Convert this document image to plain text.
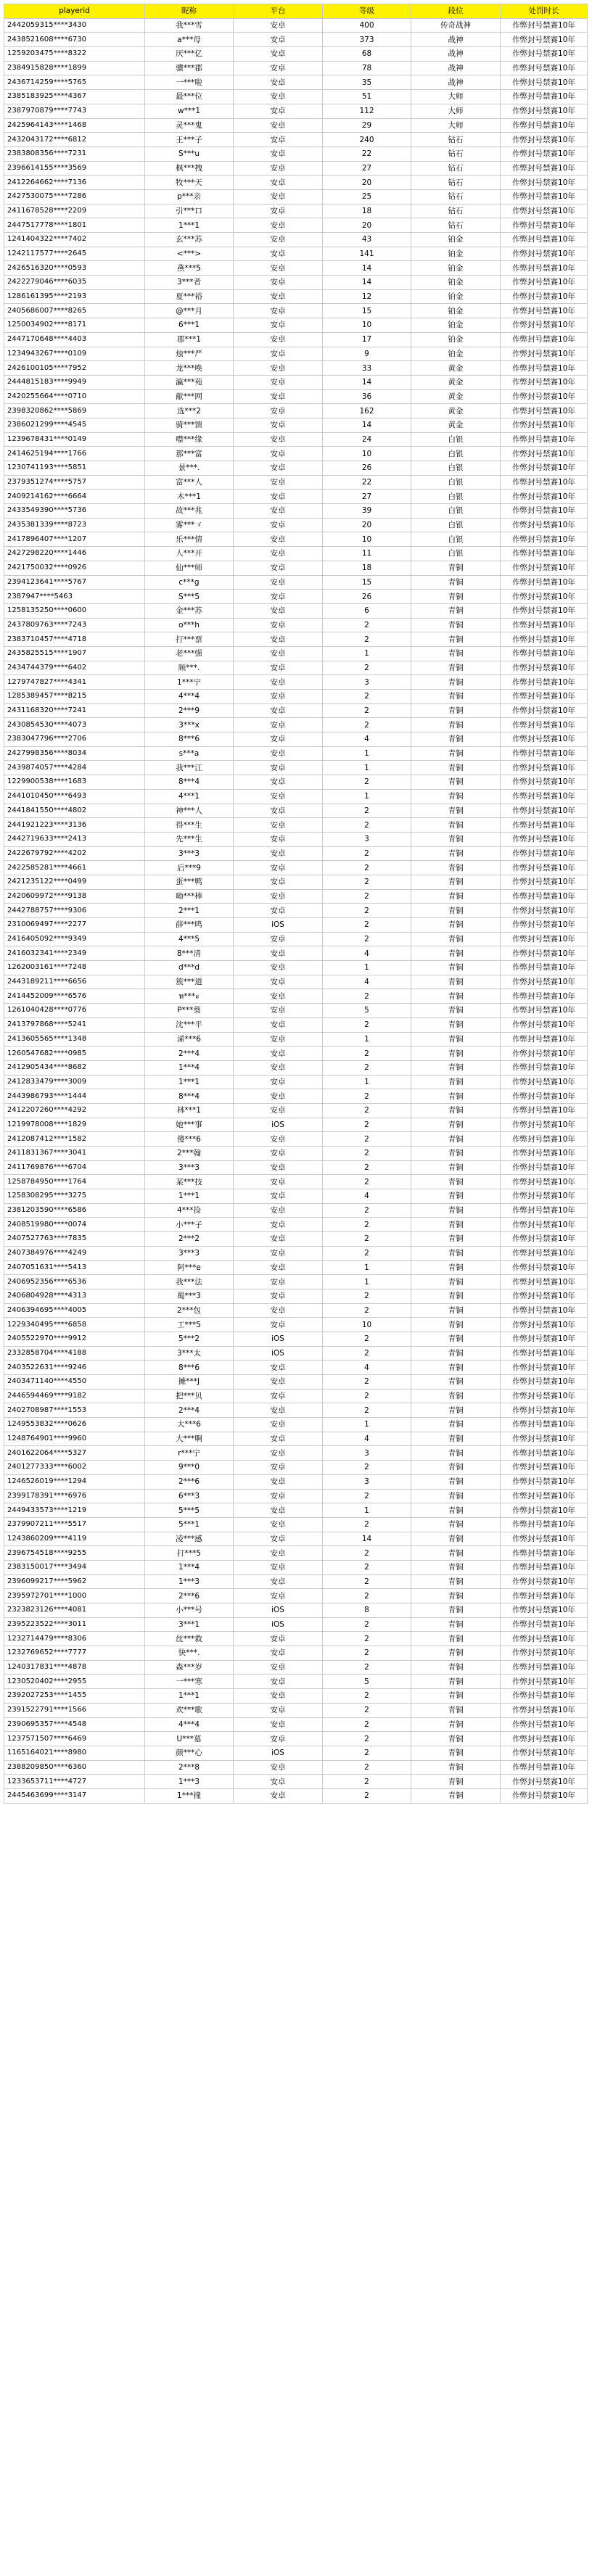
playerid	昵称	平台	等级	段位	处罚时长
2442059315****3430	我***雪	安卓	400	传奇战神	作弊封号禁赛10年
2438521608****6730	a***母	安卓	373	战神	作弊封号禁赛10年
1259203475****8322	厌***亿	安卓	68	战神	作弊封号禁赛10年
2384915828****1899	骥***郡	安卓	78	战神	作弊封号禁赛10年
2436714259****5765	一***啦	安卓	35	战神	作弊封号禁赛10年
2385183925****4367	最***位	安卓	51	大师	作弊封号禁赛10年
2387970879****7743	w***1	安卓	112	大师	作弊封号禁赛10年
2425964143****1468	灵***鬼	安卓	29	大师	作弊封号禁赛10年
2432043172****6812	王***子	安卓	240	钻石	作弊封号禁赛10年
2383808356****7231	S***u	安卓	22	钻石	作弊封号禁赛10年
2396614155****3569	枫***拽	安卓	27	钻石	作弊封号禁赛10年
2412264662****7136	牧***天	安卓	20	钻石	作弊封号禁赛10年
2427530075****7286	p***亲	安卓	25	钻石	作弊封号禁赛10年
2411678528****2209	引***口	安卓	18	钻石	作弊封号禁赛10年
2447517778****1801	1***1	安卓	20	钻石	作弊封号禁赛10年
1241404322****7402	玄***苏	安卓	43	铂金	作弊封号禁赛10年
1242117577****2645	<***>	安卓	141	铂金	作弊封号禁赛10年
2426516320****0593	燕***5	安卓	14	铂金	作弊封号禁赛10年
2422279046****6035	3***者	安卓	14	铂金	作弊封号禁赛10年
1286161395****2193	夏***裕	安卓	12	铂金	作弊封号禁赛10年
2405686007****8265	@***月	安卓	15	铂金	作弊封号禁赛10年
1250034902****8171	6***1	安卓	10	铂金	作弊封号禁赛10年
2447170648****4403	郡***1	安卓	17	铂金	作弊封号禁赛10年
1234943267****0109	烛***严	安卓	9	铂金	作弊封号禁赛10年
2426100105****7952	龙***唤	安卓	33	黄金	作弊封号禁赛10年
2444815183****9949	瀛***苑	安卓	14	黄金	作弊封号禁赛10年
2420255664****0710	献***网	安卓	36	黄金	作弊封号禁赛10年
2398320862****5869	选***2	安卓	162	黄金	作弊封号禁赛10年
2386021299****4545	骑***馈	安卓	14	黄金	作弊封号禁赛10年
1239678431****0149	噤***缘	安卓	24	白银	作弊封号禁赛10年
2414625194****1766	那***富	安卓	10	白银	作弊封号禁赛10年
1230741193****5851	景***.	安卓	26	白银	作弊封号禁赛10年
2379351274****5757	富***人	安卓	22	白银	作弊封号禁赛10年
2409214162****6664	木***1	安卓	27	白银	作弊封号禁赛10年
2433549390****5736	故***兆	安卓	39	白银	作弊封号禁赛10年
2435381339****8723	雾***ゞ	安卓	20	白银	作弊封号禁赛10年
2417896407****1207	乐***情	安卓	10	白银	作弊封号禁赛10年
2427298220****1446	人***开	安卓	11	白银	作弊封号禁赛10年
2421750032****0926	仙***师	安卓	18	青铜	作弊封号禁赛10年
2394123641****5767	c***g	安卓	15	青铜	作弊封号禁赛10年
2387947****5463	S***5	安卓	26	青铜	作弊封号禁赛10年
1258135250****0600	金***苏	安卓	6	青铜	作弊封号禁赛10年
2437809763****7243	o***h	安卓	2	青铜	作弊封号禁赛10年
2383710457****4718	打***票	安卓	2	青铜	作弊封号禁赛10年
2435825515****1907	老***强	安卓	1	青铜	作弊封号禁赛10年
2434744379****6402	顾***.	安卓	2	青铜	作弊封号禁赛10年
1279747827****4341	1***宁	安卓	3	青铜	作弊封号禁赛10年
1285389457****8215	4***4	安卓	2	青铜	作弊封号禁赛10年
2431168320****7241	2***9	安卓	2	青铜	作弊封号禁赛10年
2430854530****4073	3***x	安卓	2	青铜	作弊封号禁赛10年
2383047796****2706	8***6	安卓	4	青铜	作弊封号禁赛10年
2427998356****8034	s***a	安卓	1	青铜	作弊封号禁赛10年
2439874057****4284	我***江	安卓	1	青铜	作弊封号禁赛10年
1229900538****1683	8***4	安卓	2	青铜	作弊封号禁赛10年
2441010450****6493	4***1	安卓	1	青铜	作弊封号禁赛10年
2441841550****4802	神***人	安卓	2	青铜	作弊封号禁赛10年
2441921223****3136	得***生	安卓	2	青铜	作弊封号禁赛10年
2442719633****2413	先***生	安卓	3	青铜	作弊封号禁赛10年
2422679792****4202	3***3	安卓	2	青铜	作弊封号禁赛10年
2422585281****4661	后***9	安卓	2	青铜	作弊封号禁赛10年
2421235122****0499	蛋***鸭	安卓	2	青铜	作弊封号禁赛10年
2420609972****9138	呦***棒	安卓	2	青铜	作弊封号禁赛10年
2442788757****9306	2***1	安卓	2	青铜	作弊封号禁赛10年
2310069497****2277	薛***鸣	iOS	2	青铜	作弊封号禁赛10年
2416405092****9349	4***5	安卓	2	青铜	作弊封号禁赛10年
2416032341****2349	8***清	安卓	4	青铜	作弊封号禁赛10年
1262003161****7248	d***d	安卓	1	青铜	作弊封号禁赛10年
2443189211****6656	簇***道	安卓	4	青铜	作弊封号禁赛10年
2414452009****6576	ห***ะ	安卓	2	青铜	作弊封号禁赛10年
1261040428****0776	P***葵	安卓	5	青铜	作弊封号禁赛10年
2413797868****5241	沈***平	安卓	2	青铜	作弊封号禁赛10年
2413605565****1348	浠***6	安卓	1	青铜	作弊封号禁赛10年
1260547682****0985	2***4	安卓	2	青铜	作弊封号禁赛10年
2412905434****8682	1***4	安卓	2	青铜	作弊封号禁赛10年
2412833479****3009	1***1	安卓	1	青铜	作弊封号禁赛10年
2443986793****1444	8***4	安卓	2	青铜	作弊封号禁赛10年
2412207260****4292	林***1	安卓	2	青铜	作弊封号禁赛10年
1219978008****1829	她***事	iOS	2	青铜	作弊封号禁赛10年
2412087412****1582	傻***6	安卓	2	青铜	作弊封号禁赛10年
2411831367****3041	2***翰	安卓	2	青铜	作弊封号禁赛10年
2411769876****6704	3***3	安卓	2	青铜	作弊封号禁赛10年
1258784950****1764	某***技	安卓	2	青铜	作弊封号禁赛10年
1258308295****3275	1***1	安卓	4	青铜	作弊封号禁赛10年
2381203590****6586	4***捡	安卓	2	青铜	作弊封号禁赛10年
2408519980****0074	小***子	安卓	2	青铜	作弊封号禁赛10年
2407527763****7835	2***2	安卓	2	青铜	作弊封号禁赛10年
2407384976****4249	3***3	安卓	2	青铜	作弊封号禁赛10年
2407051631****5413	阿***e	安卓	1	青铜	作弊封号禁赛10年
2406952356****6536	我***法	安卓	1	青铜	作弊封号禁赛10年
2406804928****4313	蜀***3	安卓	2	青铜	作弊封号禁赛10年
2406394695****4005	2***包	安卓	2	青铜	作弊封号禁赛10年
1229340495****6858	工***5	安卓	10	青铜	作弊封号禁赛10年
2405522970****9912	5***2	iOS	2	青铜	作弊封号禁赛10年
2332858704****4188	3***太	iOS	2	青铜	作弊封号禁赛10年
2403522631****9246	8***6	安卓	4	青铜	作弊封号禁赛10年
2403471140****4550	摊***J	安卓	2	青铜	作弊封号禁赛10年
2446594469****9182	把***贝	安卓	2	青铜	作弊封号禁赛10年
2402708987****1553	2***4	安卓	2	青铜	作弊封号禁赛10年
1249553832****0626	大***6	安卓	1	青铜	作弊封号禁赛10年
1248764901****9960	大***啊	安卓	4	青铜	作弊封号禁赛10年
2401622064****5327	r***宁	安卓	3	青铜	作弊封号禁赛10年
2401277333****6002	9***0	安卓	2	青铜	作弊封号禁赛10年
1246526019****1294	2***6	安卓	3	青铜	作弊封号禁赛10年
2399178391****6976	6***3	安卓	2	青铜	作弊封号禁赛10年
2449433573****1219	5***5	安卓	1	青铜	作弊封号禁赛10年
2379907211****5517	5***1	安卓	2	青铜	作弊封号禁赛10年
1243860209****4119	凌***感	安卓	14	青铜	作弊封号禁赛10年
2396754518****9255	打***5	安卓	2	青铜	作弊封号禁赛10年
2383150017****3494	1***4	安卓	2	青铜	作弊封号禁赛10年
2396099217****5962	1***3	安卓	2	青铜	作弊封号禁赛10年
2395972701****1000	2***6	安卓	2	青铜	作弊封号禁赛10年
2323823126****4081	小***号	iOS	8	青铜	作弊封号禁赛10年
2395223522****3011	3***1	iOS	2	青铜	作弊封号禁赛10年
1232714479****8306	丝***救	安卓	2	青铜	作弊封号禁赛10年
1232769652****7777	快***.	安卓	2	青铜	作弊封号禁赛10年
1240317831****4878	森***岁	安卓	2	青铜	作弊封号禁赛10年
1230520402****2955	一***寒	安卓	5	青铜	作弊封号禁赛10年
2392027253****1455	1***1	安卓	2	青铜	作弊封号禁赛10年
2391522791****1566	欢***歌	安卓	2	青铜	作弊封号禁赛10年
2390695357****4548	4***4	安卓	2	青铜	作弊封号禁赛10年
1237571507****6469	U***墓	安卓	2	青铜	作弊封号禁赛10年
1165164021****8980	颜***心	iOS	2	青铜	作弊封号禁赛10年
2388209850****6360	2***8	安卓	2	青铜	作弊封号禁赛10年
1233653711****4727	1***3	安卓	2	青铜	作弊封号禁赛10年
2445463699****3147	1***撞	安卓	2	青铜	作弊封号禁赛10年
